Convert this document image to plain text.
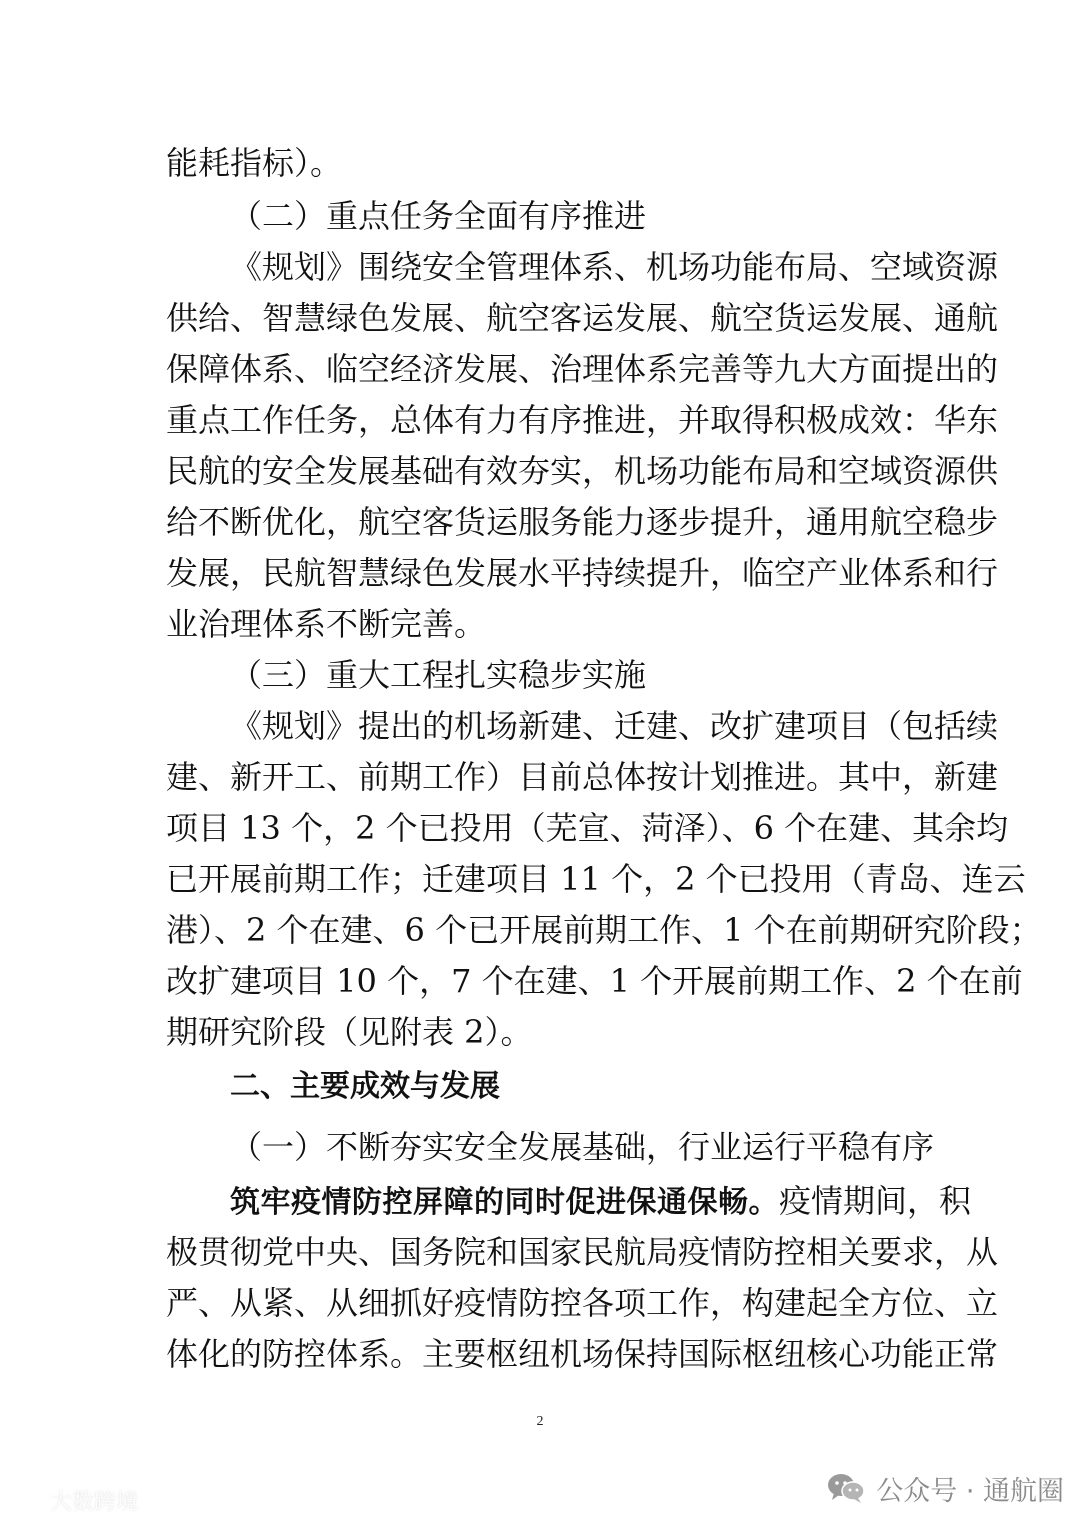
能耗指标）。
（二）重点任务全面有序推进
《规划》围绕安全管理体系、机场功能布局、空域资源
供给、智慧绿色发展、航空客运发展、航空货运发展、通航
保障体系、临空经济发展、治理体系完善等九大方面提出的
重点工作任务，总体有力有序推进，并取得积极成效：华东
民航的安全发展基础有效夯实，机场功能布局和空域资源供
给不断优化，航空客货运服务能力逐步提升，通用航空稳步
发展，民航智慧绿色发展水平持续提升，临空产业体系和行
业治理体系不断完善。
（三）重大工程扎实稳步实施
《规划》提出的机场新建、迁建、改扩建项目（包括续
建、新开工、前期工作）目前总体按计划推进。其中，新建
项目 13 个，2 个已投用（芜宣、菏泽）、6 个在建、其余均
已开展前期工作；迁建项目 11 个，2 个已投用（青岛、连云
港）、2 个在建、6 个已开展前期工作、1 个在前期研究阶段；
改扩建项目 10 个，7 个在建、1 个开展前期工作、2 个在前
期研究阶段（见附表 2）。
二、主要成效与发展
（一）不断夯实安全发展基础，行业运行平稳有序
筑牢疫情防控屏障的同时促进保通保畅。疫情期间，积
极贯彻党中央、国务院和国家民航局疫情防控相关要求，从
严、从紧、从细抓好疫情防控各项工作，构建起全方位、立
体化的防控体系。主要枢纽机场保持国际枢纽核心功能正常
2
大数跨境	公众号 · 通航圈
